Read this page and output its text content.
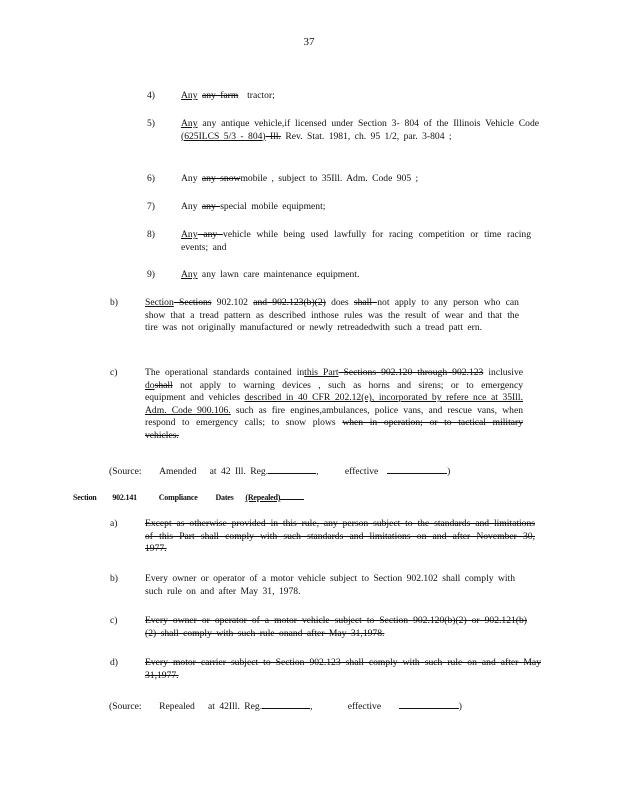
37
4)	Any any farm  tractor;
5)	Any any antique vehicle,if licensed under Section 3- 804 of the Illinois Vehicle Code (625ILCS 5/3 - 804) Ill. Rev. Stat. 1981, ch. 95 1/2, par. 3-804 ;
6)	Any any snowmobile , subject to 35Ill. Adm. Code 905 ;
7)	Any any special mobile equipment;
8)	Any any vehicle while being used lawfully for racing competition or time racing events; and
9)	Any any lawn care maintenance equipment.
b)	Section Sections 902.102 and 902.123(b)(2) does shall not apply to any person who can show that a tread pattern as described inthose rules was the result of wear and that the tire was not originally manufactured or newly retreadedwith such a tread patt ern.
c)	The operational standards contained inthis Part Sections 902.120 through 902.123 inclusive doshall not apply to warning devices , such as horns and sirens; or to emergency equipment and vehicles described in 40 CFR 202.12(e), incorporated by refere nce at 35Ill. Adm. Code 900.106. such as fire engines,ambulances, police vans, and rescue vans, when respond to emergency calls; to snow plows when in operation; or to tactical military vehicles.
(Source: Amended at 42 Ill. Reg.	,	effective	)
Section 902.141	Compliance Dates (Repealed)
a)	Except as otherwise provided in this rule, any person subject to the standards and limitations of this Part shall comply with such standards and limitations on and after November 30, 1977.
b)	Every owner or operator of a motor vehicle subject to Section 902.102 shall comply with such rule on and after May 31, 1978.
c)	Every owner or operator of a motor vehicle subject to Section 902.120(b)(2) or 902.121(b)(2) shall comply with such rule onand after May 31,1978.
d)	Every motor carrier subject to Section 902.123 shall comply with such rule on and after May 31,1977.
(Source: Repealed at 42Ill. Reg.	,	effective	)
